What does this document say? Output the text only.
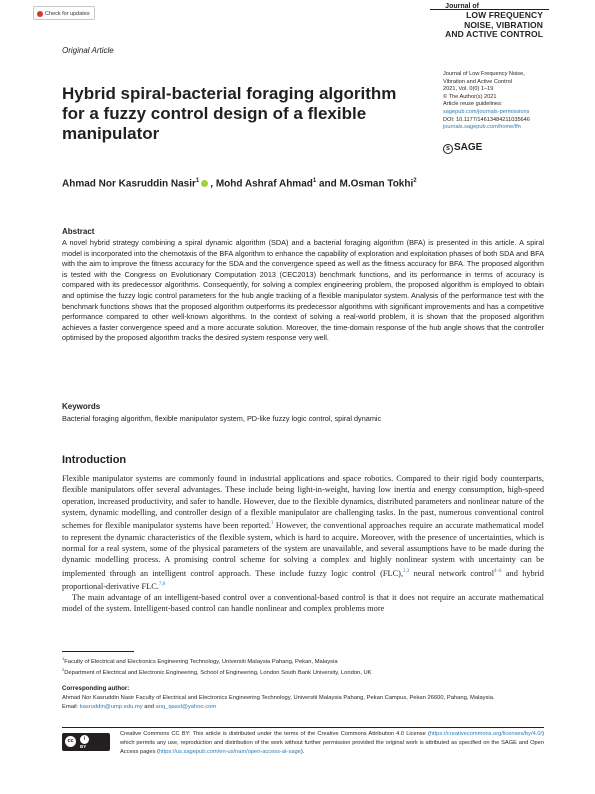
Check for updates
Journal of
LOW FREQUENCY
NOISE, VIBRATION
AND ACTIVE CONTROL
Original Article
Hybrid spiral-bacterial foraging algorithm for a fuzzy control design of a flexible manipulator
Journal of Low Frequency Noise,
Vibration and Active Control
2021, Vol. 0(0) 1–19
© The Author(s) 2021
Article reuse guidelines:
sagepub.com/journals-permissions
DOI: 10.1177/14613484211035646
journals.sagepub.com/home/lfn
s SAGE
Ahmad Nor Kasruddin Nasir$^1$ , Mohd Ashraf Ahmad$^1$ and M.Osman Tokhi$^2$
Abstract
A novel hybrid strategy combining a spiral dynamic algorithm (SDA) and a bacterial foraging algorithm (BFA) is presented in this article. A spiral model is incorporated into the chemotaxis of the BFA algorithm to enhance the capability of exploration and exploitation phases of both SDA and BFA with the aim to improve the fitness accuracy for the SDA and the convergence speed as well as the fitness accuracy for BFA. The proposed algorithm is tested with the Congress on Evolutionary Computation 2013 (CEC2013) benchmark functions, and its performance in terms of accuracy is compared with its predecessor algorithms. Consequently, for solving a complex engineering problem, the proposed algorithm is employed to obtain and optimise the fuzzy logic control parameters for the hub angle tracking of a flexible manipulator system. Analysis of the performance test with the benchmark functions shows that the proposed algorithm outperforms its predecessor algorithms with significant improvements and has a competitive performance compared to other well-known algorithms. In the context of solving a real-world problem, it is shown that the proposed algorithm achieves a faster convergence speed and a more accurate solution. Moreover, the time-domain response of the hub angle shows that the controller optimised by the proposed algorithm tracks the desired system response very well.
Keywords
Bacterial foraging algorithm, flexible manipulator system, PD-like fuzzy logic control, spiral dynamic
Introduction

Flexible manipulator systems are commonly found in industrial applications and space robotics. Compared to their rigid body counterparts, flexible manipulators offer several advantages. These include being light-in-weight, having low inertia and energy consumption, high-speed operation, increased productivity, and safer to handle. However, due to the flexible dynamics, distributed parameters and nonlinear nature of the system, dynamic modelling, and controller design of a flexible manipulator are challenging tasks. In the past, numerous conventional control schemes for flexible manipulator systems have been reported.$^1$ However, the conventional approaches require an accurate mathematical model to represent the dynamic characteristics of the flexible system, which is hard to acquire. Moreover, with the presence of uncertainties, which is normal for a real system, some of the physical parameters of the system are unavailable, and several assumptions have to be made during the dynamic modelling process. A promising control scheme for solving a complex and highly nonlinear system with uncertainty can be implemented through an intelligent control approach. These include fuzzy logic control (FLC),$^{2,3}$ neural network control$^{4-6}$ and hybrid proportional-derivative FLC.$^{7,8}$

The main advantage of an intelligent-based control over a conventional-based control is that it does not require an accurate mathematical model of the system. Intelligent-based control can handle nonlinear and complex problems more

$^1$Faculty of Electrical and Electronics Engineering Technology, Universiti Malaysia Pahang, Pekan, Malaysia
$^2$Department of Electrical and Electronic Engineering, School of Engineering, London South Bank University, London, UK
Corresponding author:
Ahmad Nor Kasruddin Nasir Faculty of Electrical and Electronics Engineering Technology, Universiti Malaysia Pahang, Pekan Campus, Pekan 26600, Pahang, Malaysia.
Email: kasruddin@ump.edu.my and anq_qassl@yahoo.com
cc	i
BY
Creative Commons CC BY: This article is distributed under the terms of the Creative Commons Attribution 4.0 License (https://creativecommons.org/licenses/by/4.0/) which permits any use, reproduction and distribution of the work without further permission provided the original work is attributed as specified on the SAGE and Open Access pages (https://us.sagepub.com/en-us/nam/open-access-at-sage).
